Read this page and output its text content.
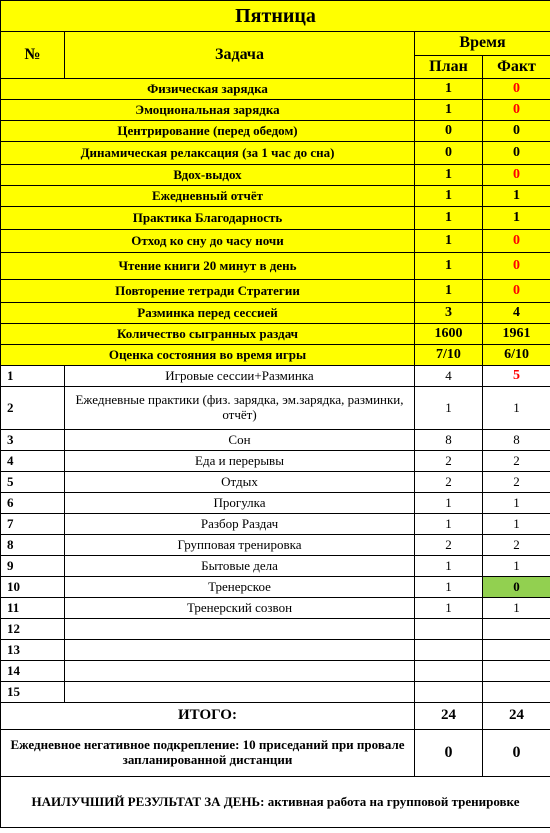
Пятница			
№	Задача	Время	
		План	Факт
Физическая зарядка		1	0
Эмоциональная зарядка		1	0
Центрирование (перед обедом)		0	0
Динамическая релаксация (за 1 час до сна)		0	0
Вдох-выдох		1	0
Ежедневный отчёт		1	1
Практика Благодарность		1	1
Отход ко сну до часу ночи		1	0
Чтение книги 20 минут в день		1	0
Повторение тетради Стратегии		1	0
Разминка перед сессией		3	4
Количество сыгранных раздач		1600	1961
Оценка состояния во время игры		7/10	6/10
1	Игровые сессии+Разминка	4	5
2	Ежедневные практики (физ. зарядка, эм.зарядка, разминки, отчёт)	1	1
3	Сон	8	8
4	Еда и перерывы	2	2
5	Отдых	2	2
6	Прогулка	1	1
7	Разбор Раздач	1	1
8	Групповая тренировка	2	2
9	Бытовые дела	1	1
10	Тренерское	1	0
11	Тренерский созвон	1	1
12			
13			
14			
15			
ИТОГО:		24	24
Ежедневное негативное подкрепление: 10 приседаний при провале запланированной дистанции		0	0
НАИЛУЧШИЙ РЕЗУЛЬТАТ ЗА ДЕНЬ: активная работа на групповой тренировке			
